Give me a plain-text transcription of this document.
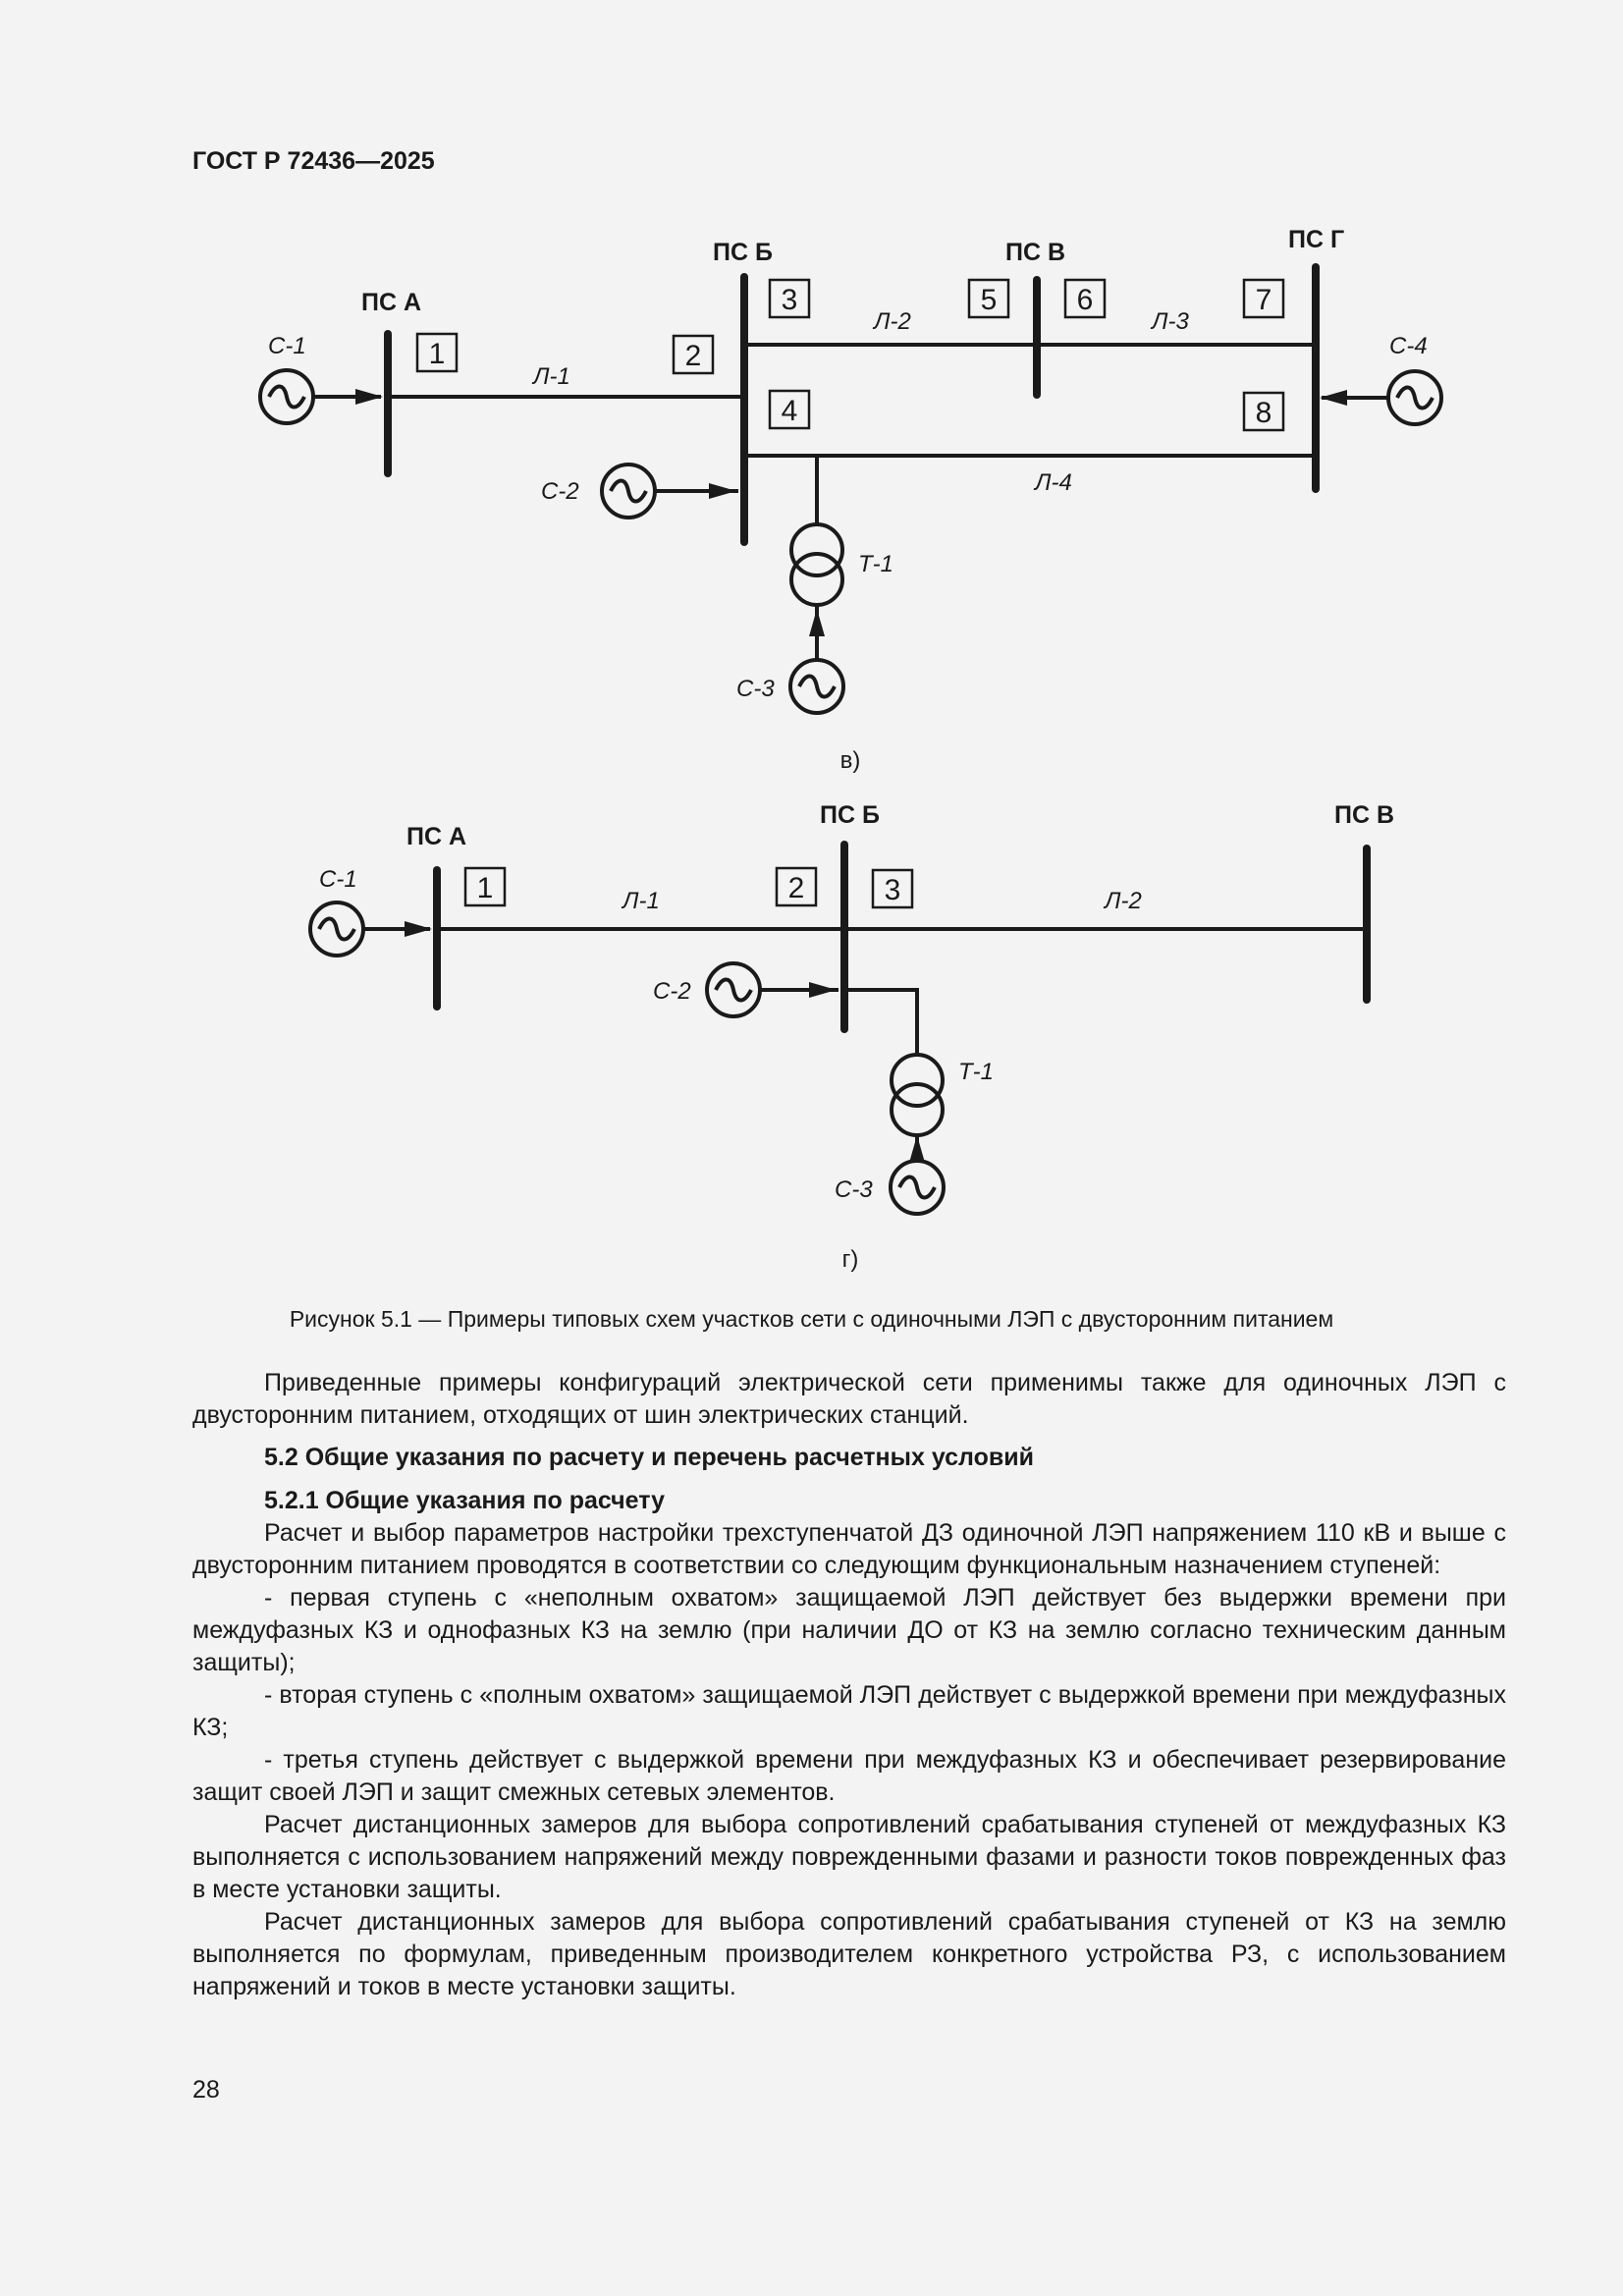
ГОСТ Р 72436—2025
1	2
3
4
5	6	7
8
ПС А
ПС Б	ПС В	ПС Г
Л-1
Л-2	Л-3
Л-4
С-1
С-2
С-3
С-4
Т-1
в)
1	2	3
ПС А
ПС Б	ПС В
Л-1	Л-2
С-1
С-2
С-3
Т-1
г)
Рисунок 5.1 — Примеры типовых схем участков сети с одиночными ЛЭП с двусторонним питанием

Приведенные примеры конфигураций электрической сети применимы также для одиночных ЛЭП с двусторонним питанием, отходящих от шин электрических станций.

5.2 Общие указания по расчету и перечень расчетных условий

5.2.1 Общие указания по расчету

Расчет и выбор параметров настройки трехступенчатой ДЗ одиночной ЛЭП напряжением 110 кВ и выше с двусторонним питанием проводятся в соответствии со следующим функциональным назначением ступеней:

- первая ступень с «неполным охватом» защищаемой ЛЭП действует без выдержки времени при междуфазных КЗ и однофазных КЗ на землю (при наличии ДО от КЗ на землю согласно техническим данным защиты);

- вторая ступень с «полным охватом» защищаемой ЛЭП действует с выдержкой времени при междуфазных КЗ;

- третья ступень действует с выдержкой времени при междуфазных КЗ и обеспечивает резервирование защит своей ЛЭП и защит смежных сетевых элементов.

Расчет дистанционных замеров для выбора сопротивлений срабатывания ступеней от междуфазных КЗ выполняется с использованием напряжений между поврежденными фазами и разности токов поврежденных фаз в месте установки защиты.

Расчет дистанционных замеров для выбора сопротивлений срабатывания ступеней от КЗ на землю выполняется по формулам, приведенным производителем конкретного устройства РЗ, с использованием напряжений и токов в месте установки защиты.

28
